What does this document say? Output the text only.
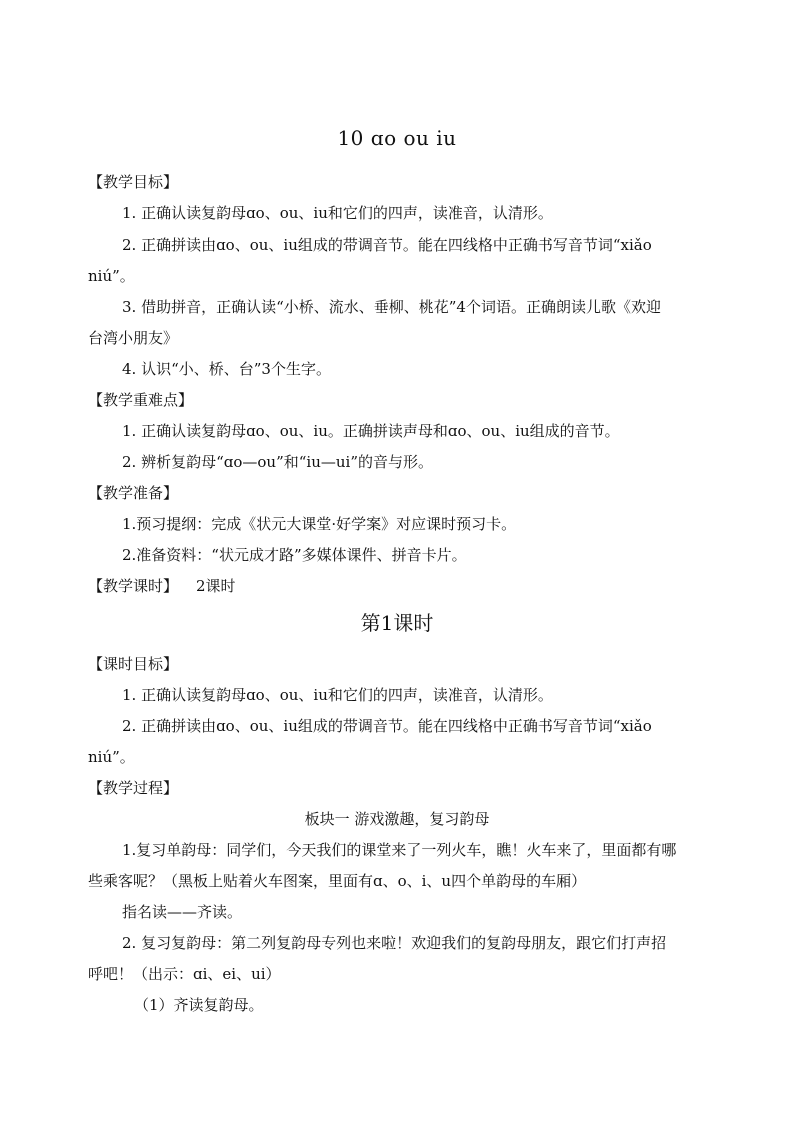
10 ɑo ou iu
【教学目标】
1. 正确认读复韵母ɑo、ou、iu和它们的四声，读准音，认清形。
2. 正确拼读由ɑo、ou、iu组成的带调音节。能在四线格中正确书写音节词“xiǎo
niú”。
3. 借助拼音，正确认读“小桥、流水、垂柳、桃花”4个词语。正确朗读儿歌《欢迎
台湾小朋友》
4. 认识“小、桥、台”3个生字。
【教学重难点】
1. 正确认读复韵母ɑo、ou、iu。正确拼读声母和ɑo、ou、iu组成的音节。
2. 辨析复韵母“ɑo—ou”和“iu—ui”的音与形。
【教学准备】
1.预习提纲：完成《状元大课堂·好学案》对应课时预习卡。
2.准备资料：“状元成才路”多媒体课件、拼音卡片。
【教学课时】 2课时
第1课时
【课时目标】
1. 正确认读复韵母ɑo、ou、iu和它们的四声，读准音，认清形。
2. 正确拼读由ɑo、ou、iu组成的带调音节。能在四线格中正确书写音节词“xiǎo
niú”。
【教学过程】
板块一 游戏激趣，复习韵母
1.复习单韵母：同学们，今天我们的课堂来了一列火车，瞧！火车来了，里面都有哪
些乘客呢？（黑板上贴着火车图案，里面有ɑ、o、i、u四个单韵母的车厢）
指名读——齐读。
2. 复习复韵母：第二列复韵母专列也来啦！欢迎我们的复韵母朋友，跟它们打声招
呼吧！（出示：ɑi、ei、ui）
（1）齐读复韵母。
